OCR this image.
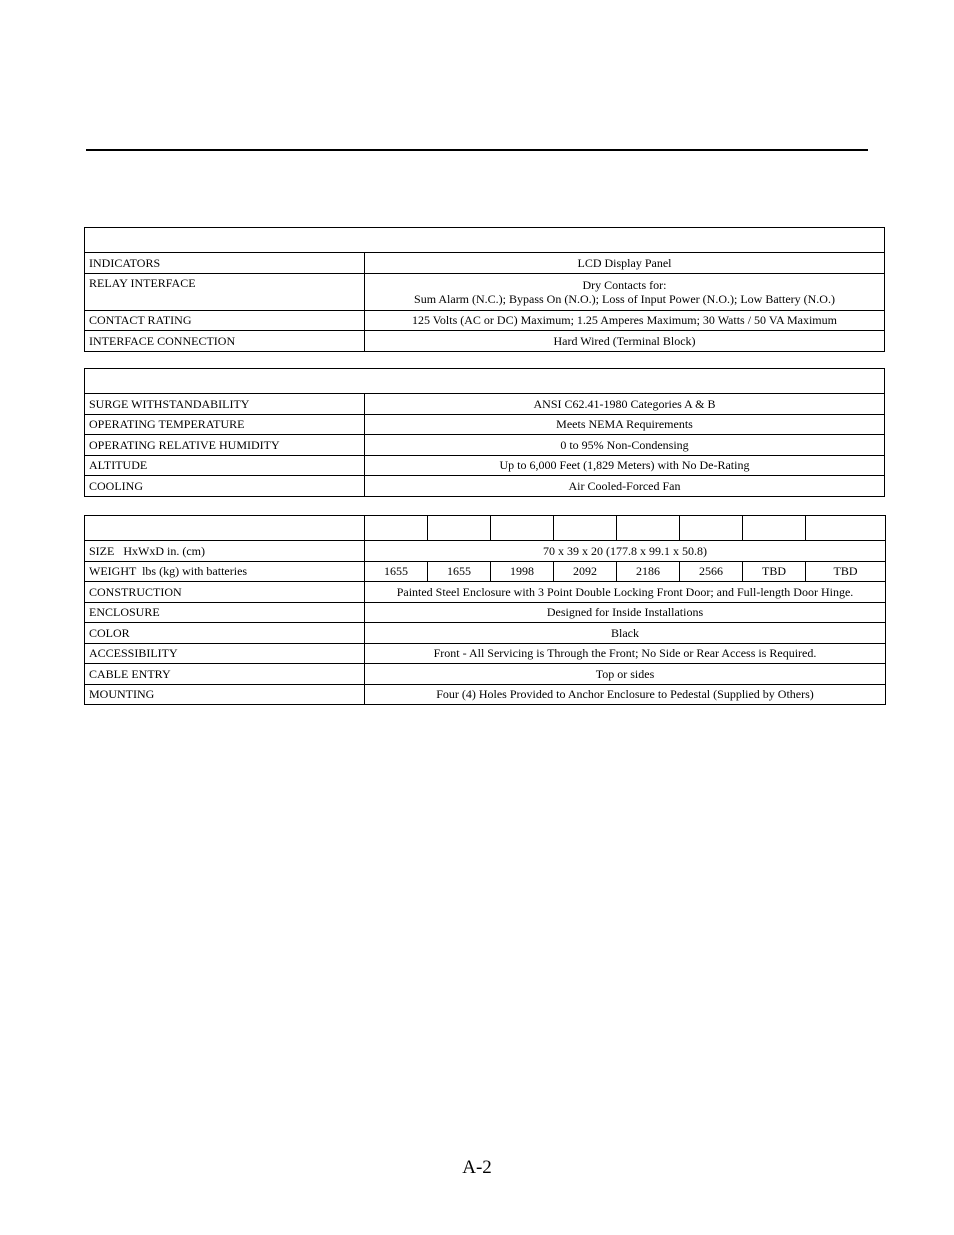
INDICATORS	LCD Display Panel
RELAY INTERFACE	Dry Contacts for:
Sum Alarm (N.C.); Bypass On (N.O.); Loss of Input Power (N.O.); Low Battery (N.O.)

CONTACT RATING	125 Volts (AC or DC) Maximum; 1.25 Amperes Maximum; 30 Watts / 50 VA Maximum
INTERFACE CONNECTION	Hard Wired (Terminal Block)

SURGE WITHSTANDABILITY	ANSI C62.41-1980 Categories A & B
OPERATING TEMPERATURE	Meets NEMA Requirements
OPERATING RELATIVE HUMIDITY	0 to 95% Non-Condensing
ALTITUDE	Up to 6,000 Feet (1,829 Meters) with No De-Rating
COOLING	Air Cooled-Forced Fan

SIZE   HxWxD in. (cm)	70 x 39 x 20 (177.8 x 99.1 x 50.8)							
WEIGHT  lbs (kg) with batteries	1655	1655	1998	2092	2186	2566	TBD	TBD
CONSTRUCTION	Painted Steel Enclosure with 3 Point Double Locking Front Door; and Full-length Door Hinge.							
ENCLOSURE	Designed for Inside Installations							
COLOR	Black							
ACCESSIBILITY	Front - All Servicing is Through the Front; No Side or Rear Access is Required.							
CABLE ENTRY	Top or sides							
MOUNTING	Four (4) Holes Provided to Anchor Enclosure to Pedestal (Supplied by Others)							
A-2
